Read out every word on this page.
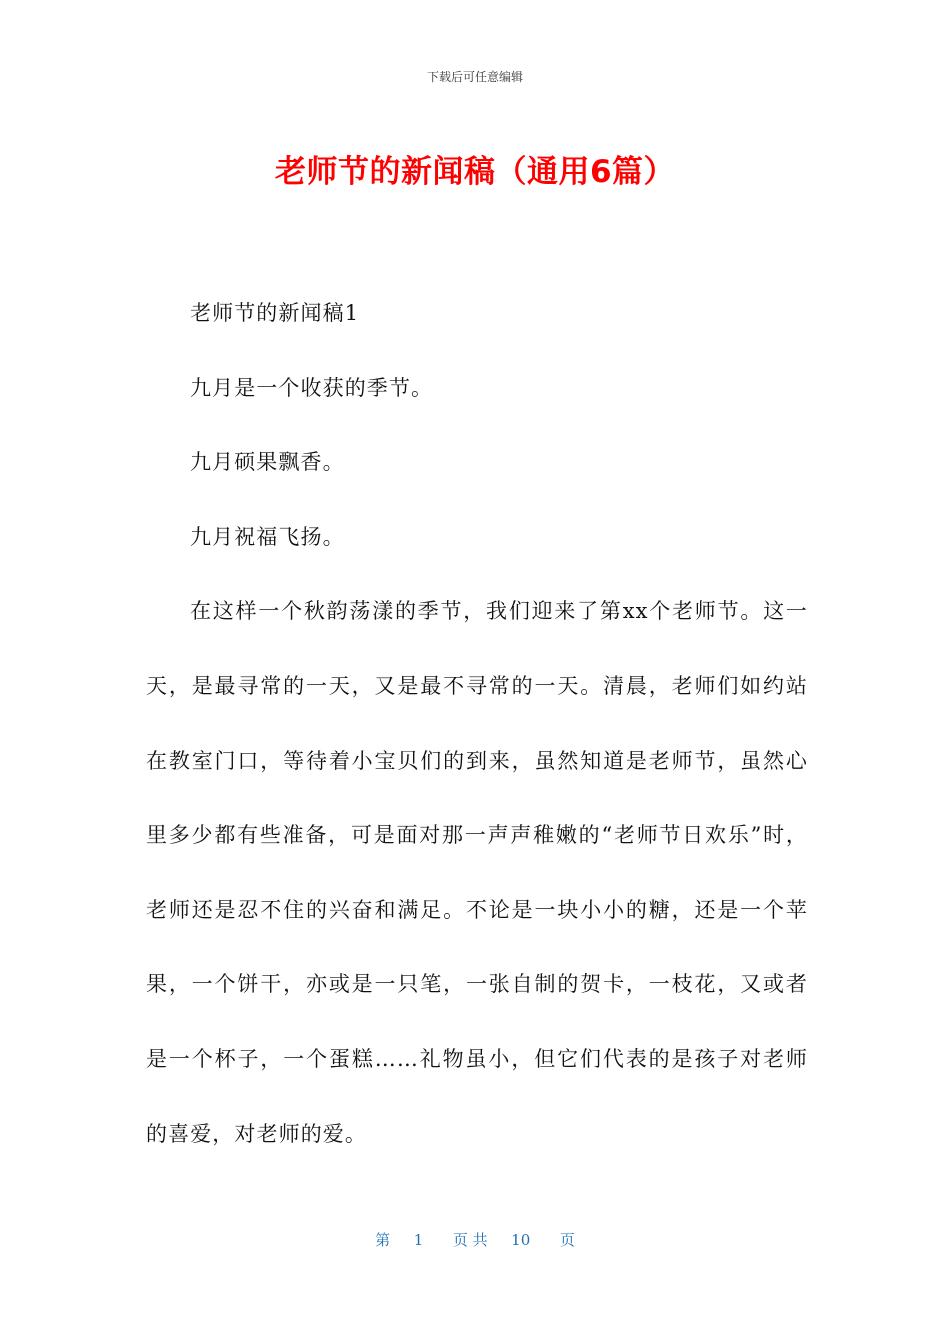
下载后可任意编辑
老师节的新闻稿（通用6篇）

老师节的新闻稿1

九月是一个收获的季节。

九月硕果飘香。

九月祝福飞扬。

在这样一个秋韵荡漾的季节，我们迎来了第xx个老师节。这一天，是最寻常的一天，又是最不寻常的一天。清晨，老师们如约站在教室门口，等待着小宝贝们的到来，虽然知道是老师节，虽然心里多少都有些准备，可是面对那一声声稚嫩的“老师节日欢乐”时，老师还是忍不住的兴奋和满足。不论是一块小小的糖，还是一个苹果，一个饼干，亦或是一只笔，一张自制的贺卡，一枝花，又或者是一个杯子，一个蛋糕……礼物虽小，但它们代表的是孩子对老师的喜爱，对老师的爱。

第 1 页 共 10 页
